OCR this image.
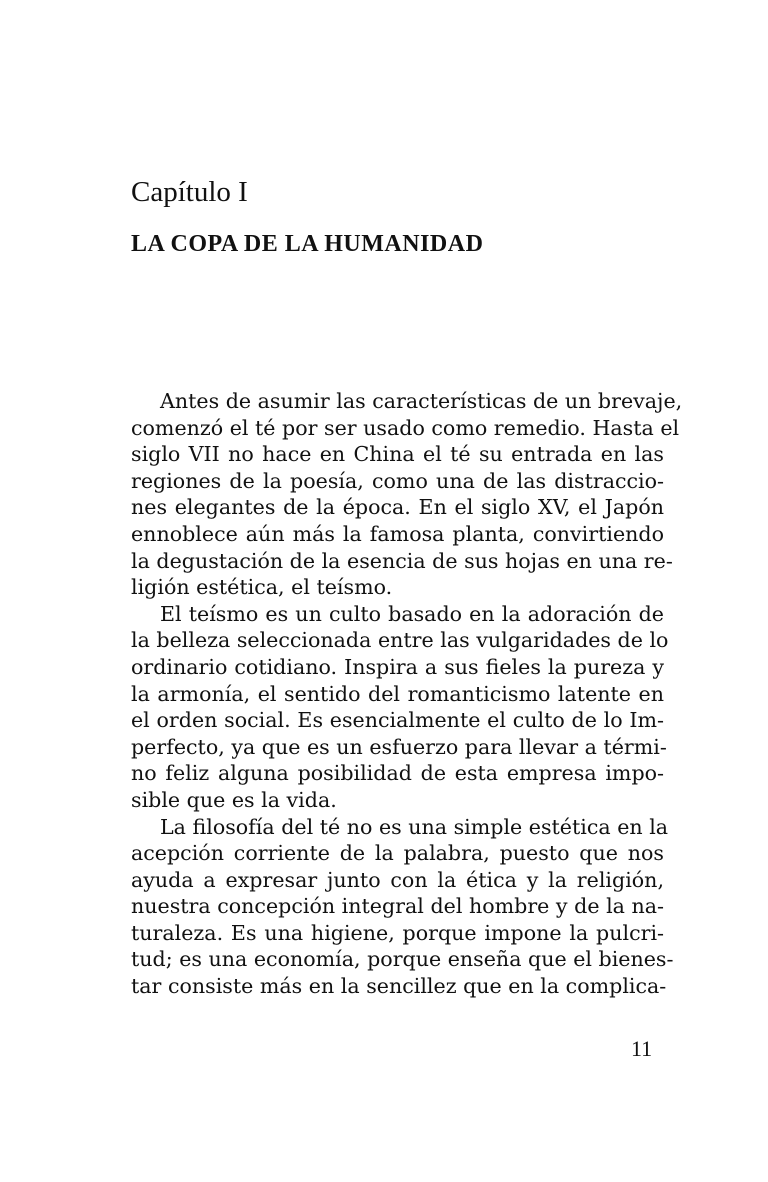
Capítulo I
LA COPA DE LA HUMANIDAD
Antes de asumir las características de un brevaje,
comenzó el té por ser usado como remedio. Hasta el
siglo VII no hace en China el té su entrada en las
regiones de la poesía, como una de las distraccio-
nes elegantes de la época. En el siglo XV, el Japón
ennoblece aún más la famosa planta, convirtiendo
la degustación de la esencia de sus hojas en una re-
ligión estética, el teísmo.
El teísmo es un culto basado en la adoración de
la belleza seleccionada entre las vulgaridades de lo
ordinario cotidiano. Inspira a sus fieles la pureza y
la armonía, el sentido del romanticismo latente en
el orden social. Es esencialmente el culto de lo Im-
perfecto, ya que es un esfuerzo para llevar a térmi-
no feliz alguna posibilidad de esta empresa impo-
sible que es la vida.
La filosofía del té no es una simple estética en la
acepción corriente de la palabra, puesto que nos
ayuda a expresar junto con la ética y la religión,
nuestra concepción integral del hombre y de la na-
turaleza. Es una higiene, porque impone la pulcri-
tud; es una economía, porque enseña que el bienes-
tar consiste más en la sencillez que en la complica-
11
